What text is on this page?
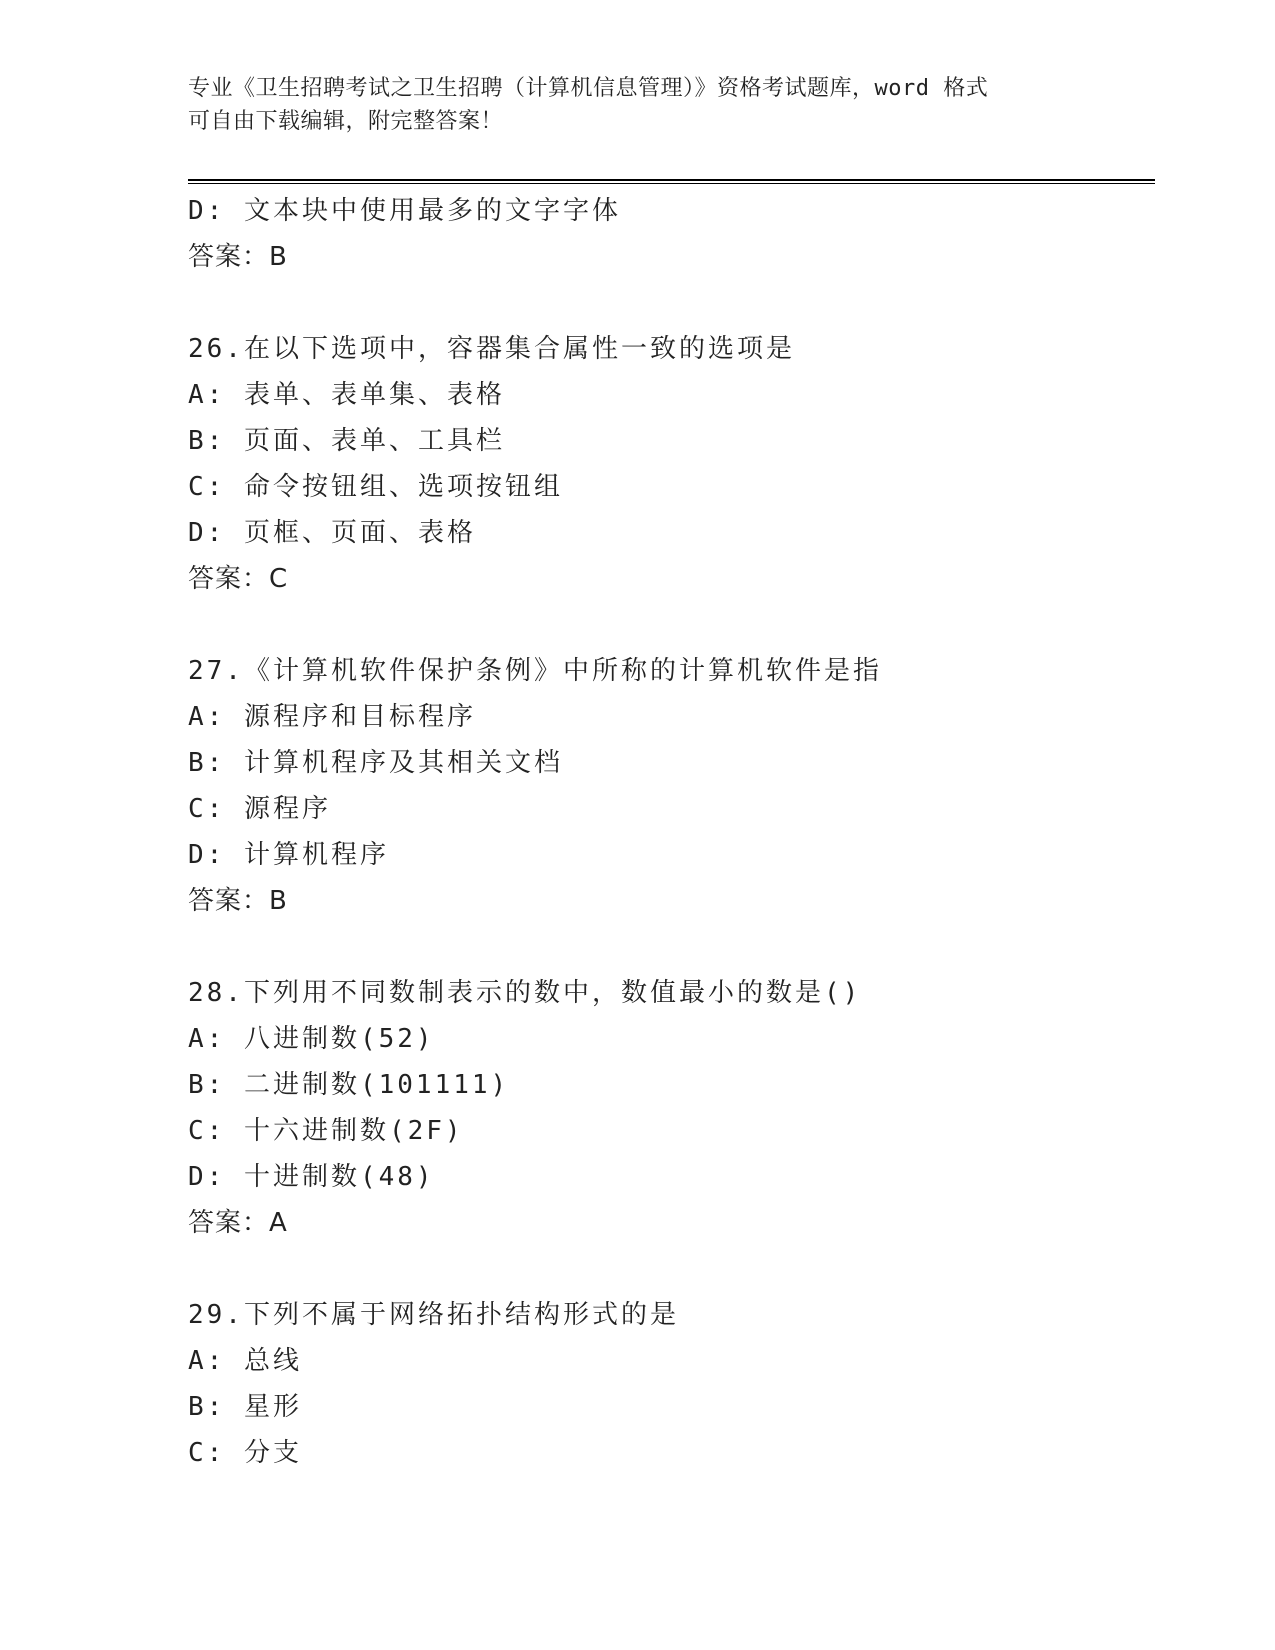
专业《卫生招聘考试之卫生招聘（计算机信息管理）》资格考试题库，word 格式
可自由下载编辑，附完整答案！
D: 文本块中使用最多的文字字体
答案：B
26.在以下选项中，容器集合属性一致的选项是
A: 表单、表单集、表格
B: 页面、表单、工具栏
C: 命令按钮组、选项按钮组
D: 页框、页面、表格
答案：C
27.《计算机软件保护条例》中所称的计算机软件是指
A: 源程序和目标程序
B: 计算机程序及其相关文档
C: 源程序
D: 计算机程序
答案：B
28.下列用不同数制表示的数中，数值最小的数是()
A: 八进制数(52)
B: 二进制数(101111)
C: 十六进制数(2F)
D: 十进制数(48)
答案：A
29.下列不属于网络拓扑结构形式的是
A: 总线
B: 星形
C: 分支
